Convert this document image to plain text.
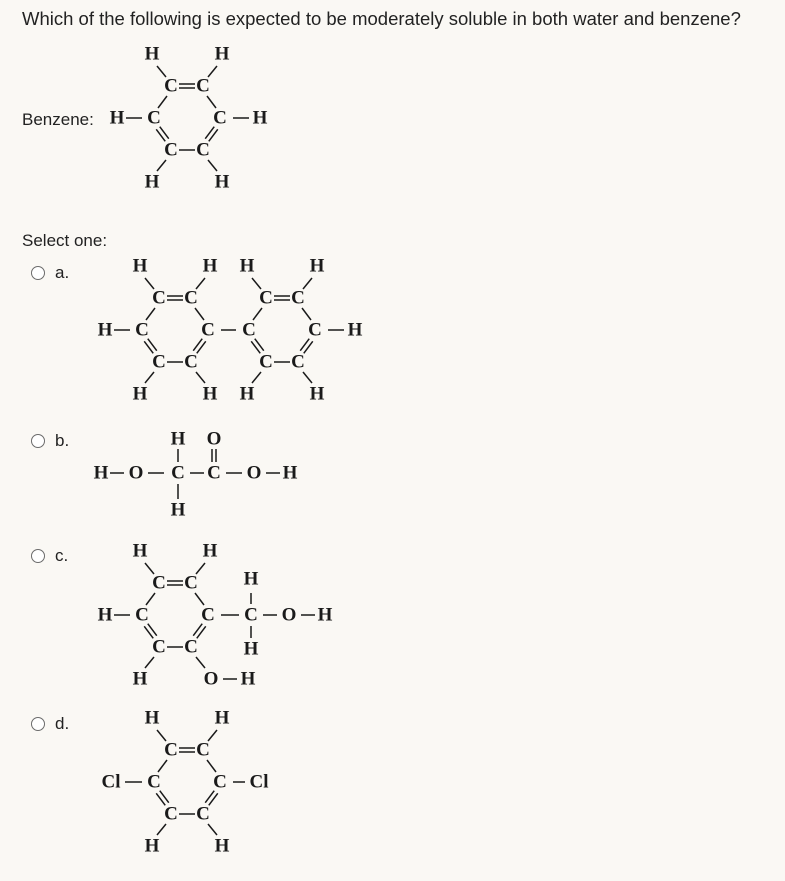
Which of the following is expected to be moderately soluble in both water and benzene?
Benzene:
Select one:
a.
b.
c.
d.
C C
C	C
C C
H	H
H	H
H	H
C C
C	C
C C
H	H
H	H
C C
C	C
C C
H	H
H	H
H	H
H O C C O H
H
H
O
C C
C	C
C C
H	H
H
H	C
H
H
O H
O H
C C
C	C
C C
H	H
H	H
Cl	Cl
